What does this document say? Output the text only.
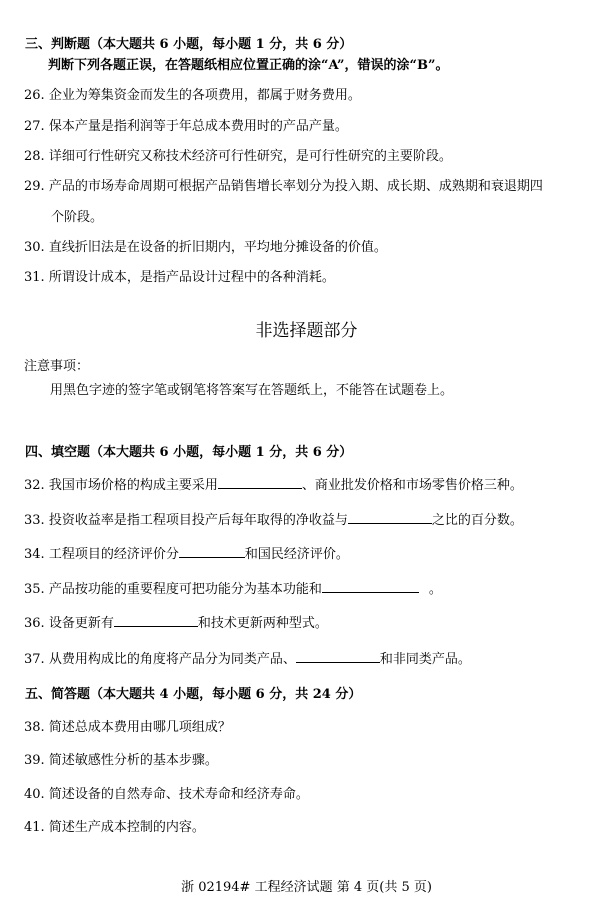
三、判断题（本大题共 6 小题，每小题 1 分，共 6 分）
判断下列各题正误，在答题纸相应位置正确的涂“A”，错误的涂“B”。
26. 企业为筹集资金而发生的各项费用，都属于财务费用。
27. 保本产量是指利润等于年总成本费用时的产品产量。
28. 详细可行性研究又称技术经济可行性研究，是可行性研究的主要阶段。
29. 产品的市场寿命周期可根据产品销售增长率划分为投入期、成长期、成熟期和衰退期四
个阶段。
30. 直线折旧法是在设备的折旧期内，平均地分摊设备的价值。
31. 所谓设计成本，是指产品设计过程中的各种消耗。
非选择题部分
注意事项：
用黑色字迹的签字笔或钢笔将答案写在答题纸上，不能答在试题卷上。
四、填空题（本大题共 6 小题，每小题 1 分，共 6 分）
32. 我国市场价格的构成主要采用	、商业批发价格和市场零售价格三种。
33. 投资收益率是指工程项目投产后每年取得的净收益与	之比的百分数。
34. 工程项目的经济评价分	和国民经济评价。
35. 产品按功能的重要程度可把功能分为基本功能和	。
36. 设备更新有	和技术更新两种型式。
37. 从费用构成比的角度将产品分为同类产品、	和非同类产品。
五、简答题（本大题共 4 小题，每小题 6 分，共 24 分）
38. 简述总成本费用由哪几项组成？
39. 简述敏感性分析的基本步骤。
40. 简述设备的自然寿命、技术寿命和经济寿命。
41. 简述生产成本控制的内容。
浙 02194# 工程经济试题 第 4 页(共 5 页)
